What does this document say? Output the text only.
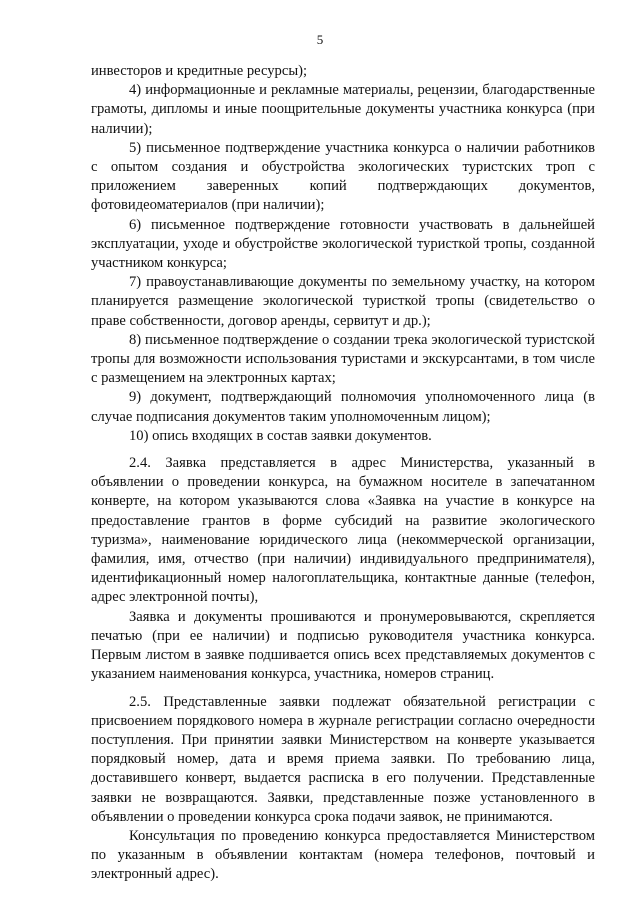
5

инвесторов и кредитные ресурсы);

4) информационные и рекламные материалы, рецензии, благодарственные грамоты, дипломы и иные поощрительные документы участника конкурса (при наличии);

5) письменное подтверждение участника конкурса о наличии работников с опытом создания и обустройства экологических туристских троп с приложением заверенных копий подтверждающих документов, фотовидеоматериалов (при наличии);

6) письменное подтверждение готовности участвовать в дальнейшей эксплуатации, уходе и обустройстве экологической туристкой тропы, созданной участником конкурса;

7) правоустанавливающие документы по земельному участку, на котором планируется размещение экологической туристкой тропы (свидетельство о праве собственности, договор аренды, сервитут и др.);

8) письменное подтверждение о создании трека экологической туристской тропы для возможности использования туристами и экскурсантами, в том числе с размещением на электронных картах;

9) документ, подтверждающий полномочия уполномоченного лица (в случае подписания документов таким уполномоченным лицом);

10) опись входящих в состав заявки документов.

2.4. Заявка представляется в адрес Министерства, указанный в объявлении о проведении конкурса, на бумажном носителе в запечатанном конверте, на котором указываются слова «Заявка на участие в конкурсе на предоставление грантов в форме субсидий на развитие экологического туризма», наименование юридического лица (некоммерческой организации, фамилия, имя, отчество (при наличии) индивидуального предпринимателя), идентификационный номер налогоплательщика, контактные данные (телефон, адрес электронной почты),

Заявка и документы прошиваются и пронумеровываются, скрепляется печатью (при ее наличии) и подписью руководителя участника конкурса. Первым листом в заявке подшивается опись всех представляемых документов с указанием наименования конкурса, участника, номеров страниц.

2.5. Представленные заявки подлежат обязательной регистрации с присвоением порядкового номера в журнале регистрации согласно очередности поступления. При принятии заявки Министерством на конверте указывается порядковый номер, дата и время приема заявки. По требованию лица, доставившего конверт, выдается расписка в его получении. Представленные заявки не возвращаются. Заявки, представленные позже установленного в объявлении о проведении конкурса срока подачи заявок, не принимаются.

Консультация по проведению конкурса предоставляется Министерством по указанным в объявлении контактам (номера телефонов, почтовый и электронный адрес).
